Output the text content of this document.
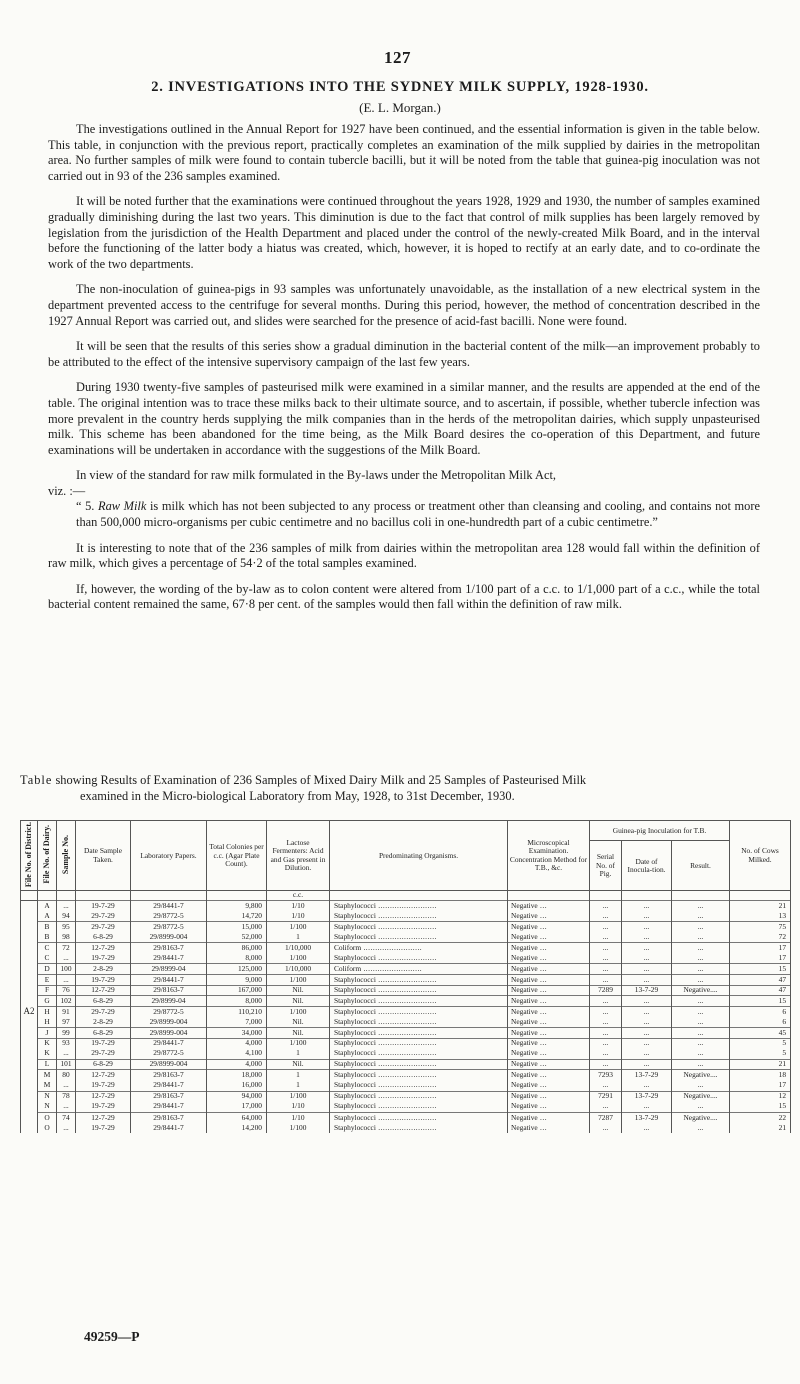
127
2. INVESTIGATIONS INTO THE SYDNEY MILK SUPPLY, 1928-1930.
(E. L. Morgan.)

The investigations outlined in the Annual Report for 1927 have been continued, and the essential information is given in the table below. This table, in conjunction with the previous report, practically completes an examination of the milk supplied by dairies in the metropolitan area. No further samples of milk were found to contain tubercle bacilli, but it will be noted from the table that guinea-pig inoculation was not carried out in 93 of the 236 samples examined.

It will be noted further that the examinations were continued throughout the years 1928, 1929 and 1930, the number of samples examined gradually diminishing during the last two years. This diminution is due to the fact that control of milk supplies has been largely removed by legislation from the jurisdiction of the Health Department and placed under the control of the newly-created Milk Board, and in the interval before the functioning of the latter body a hiatus was created, which, however, it is hoped to rectify at an early date, and to co-ordinate the work of the two departments.

The non-inoculation of guinea-pigs in 93 samples was unfortunately unavoidable, as the installation of a new electrical system in the department prevented access to the centrifuge for several months. During this period, however, the method of concentration described in the 1927 Annual Report was carried out, and slides were searched for the presence of acid-fast bacilli. None were found.

It will be seen that the results of this series show a gradual diminution in the bacterial content of the milk—an improvement probably to be attributed to the effect of the intensive supervisory campaign of the last few years.

During 1930 twenty-five samples of pasteurised milk were examined in a similar manner, and the results are appended at the end of the table. The original intention was to trace these milks back to their ultimate source, and to ascertain, if possible, whether tubercle infection was more prevalent in the country herds supplying the milk companies than in the herds of the metropolitan dairies, which supply unpasteurised milk. This scheme has been abandoned for the time being, as the Milk Board desires the co-operation of this Department, and future examinations will be undertaken in accordance with the suggestions of the Milk Board.

In view of the standard for raw milk formulated in the By-laws under the Metropolitan Milk Act,

viz. :—

“ 5. Raw Milk is milk which has not been subjected to any process or treatment other than cleansing and cooling, and contains not more than 500,000 micro-organisms per cubic centimetre and no bacillus coli in one-hundredth part of a cubic centimetre.”

It is interesting to note that of the 236 samples of milk from dairies within the metropolitan area 128 would fall within the definition of raw milk, which gives a percentage of 54·2 of the total samples examined.

If, however, the wording of the by-law as to colon content were altered from 1/100 part of a c.c. to 1/1,000 part of a c.c., while the total bacterial content remained the same, 67·8 per cent. of the samples would then fall within the definition of raw milk.

Table showing Results of Examination of 236 Samples of Mixed Dairy Milk and 25 Samples of Pasteurised Milk
examined in the Micro-biological Laboratory from May, 1928, to 31st December, 1930.
File No. of District.	File No. of Dairy.	Sample No.	Date Sample Taken.	Laboratory Papers.	Total Colonies per c.c. (Agar Plate Count).	Lactose Fermenters: Acid and Gas present in Dilution.	Predominating Organisms.	Microscopical Examination. Concentration Method for T.B., &c.	Guinea-pig Inoculation for T.B.			No. of Cows Milked.
									Serial No. of Pig.	Date of Inocula-tion.	Result.	
						c.c.						
	A	...	19-7-29	29/8441-7	9,800	1/10	Staphylococci .........................	Negative ...	...	...	...	21
	A	94	29-7-29	29/8772-5	14,720	1/10	Staphylococci .........................	Negative ...	...	...	...	13
	B	95	29-7-29	29/8772-5	15,000	1/100	Staphylococci .........................	Negative ...	...	...	...	75
	B	98	6-8-29	29/8999-004	52,000	1	Staphylococci .........................	Negative ...	...	...	...	72
	C	72	12-7-29	29/8163-7	86,000	1/10,000	Coliform .........................	Negative ...	...	...	...	17
	C	...	19-7-29	29/8441-7	8,000	1/100	Staphylococci .........................	Negative ...	...	...	...	17
	D	100	2-8-29	29/8999-04	125,000	1/10,000	Coliform .........................	Negative ...	...	...	...	15
	E	...	19-7-29	29/8441-7	9,000	1/100	Staphylococci .........................	Negative ...	...	...	...	47
	F	76	12-7-29	29/8163-7	167,000	Nil.	Staphylococci .........................	Negative ...	7289	13-7-29	Negative....	47
	G	102	6-8-29	29/8999-04	8,000	Nil.	Staphylococci .........................	Negative ...	...	...	...	15
A2	H	91	29-7-29	29/8772-5	110,210	1/100	Staphylococci .........................	Negative ...	...	...	...	6
	H	97	2-8-29	29/8999-004	7,000	Nil.	Staphylococci .........................	Negative ...	...	...	...	6
	J	99	6-8-29	29/8999-004	34,000	Nil.	Staphylococci .........................	Negative ...	...	...	...	45
	K	93	19-7-29	29/8441-7	4,000	1/100	Staphylococci .........................	Negative ...	...	...	...	5
	K	...	29-7-29	29/8772-5	4,100	1	Staphylococci .........................	Negative ...	...	...	...	5
	L	101	6-8-29	29/8999-004	4,000	Nil.	Staphylococci .........................	Negative ...	...	...	...	21
	M	80	12-7-29	29/8163-7	18,000	1	Staphylococci .........................	Negative ...	7293	13-7-29	Negative....	18
	M	...	19-7-29	29/8441-7	16,000	1	Staphylococci .........................	Negative ...	...	...	...	17
	N	78	12-7-29	29/8163-7	94,000	1/100	Staphylococci .........................	Negative ...	7291	13-7-29	Negative....	12
	N	...	19-7-29	29/8441-7	17,000	1/10	Staphylococci .........................	Negative ...	...	...	...	15
	O	74	12-7-29	29/8163-7	64,000	1/10	Staphylococci .........................	Negative ...	7287	13-7-29	Negative....	22
	O	...	19-7-29	29/8441-7	14,200	1/100	Staphylococci .........................	Negative ...	...	...	...	21
49259—P
